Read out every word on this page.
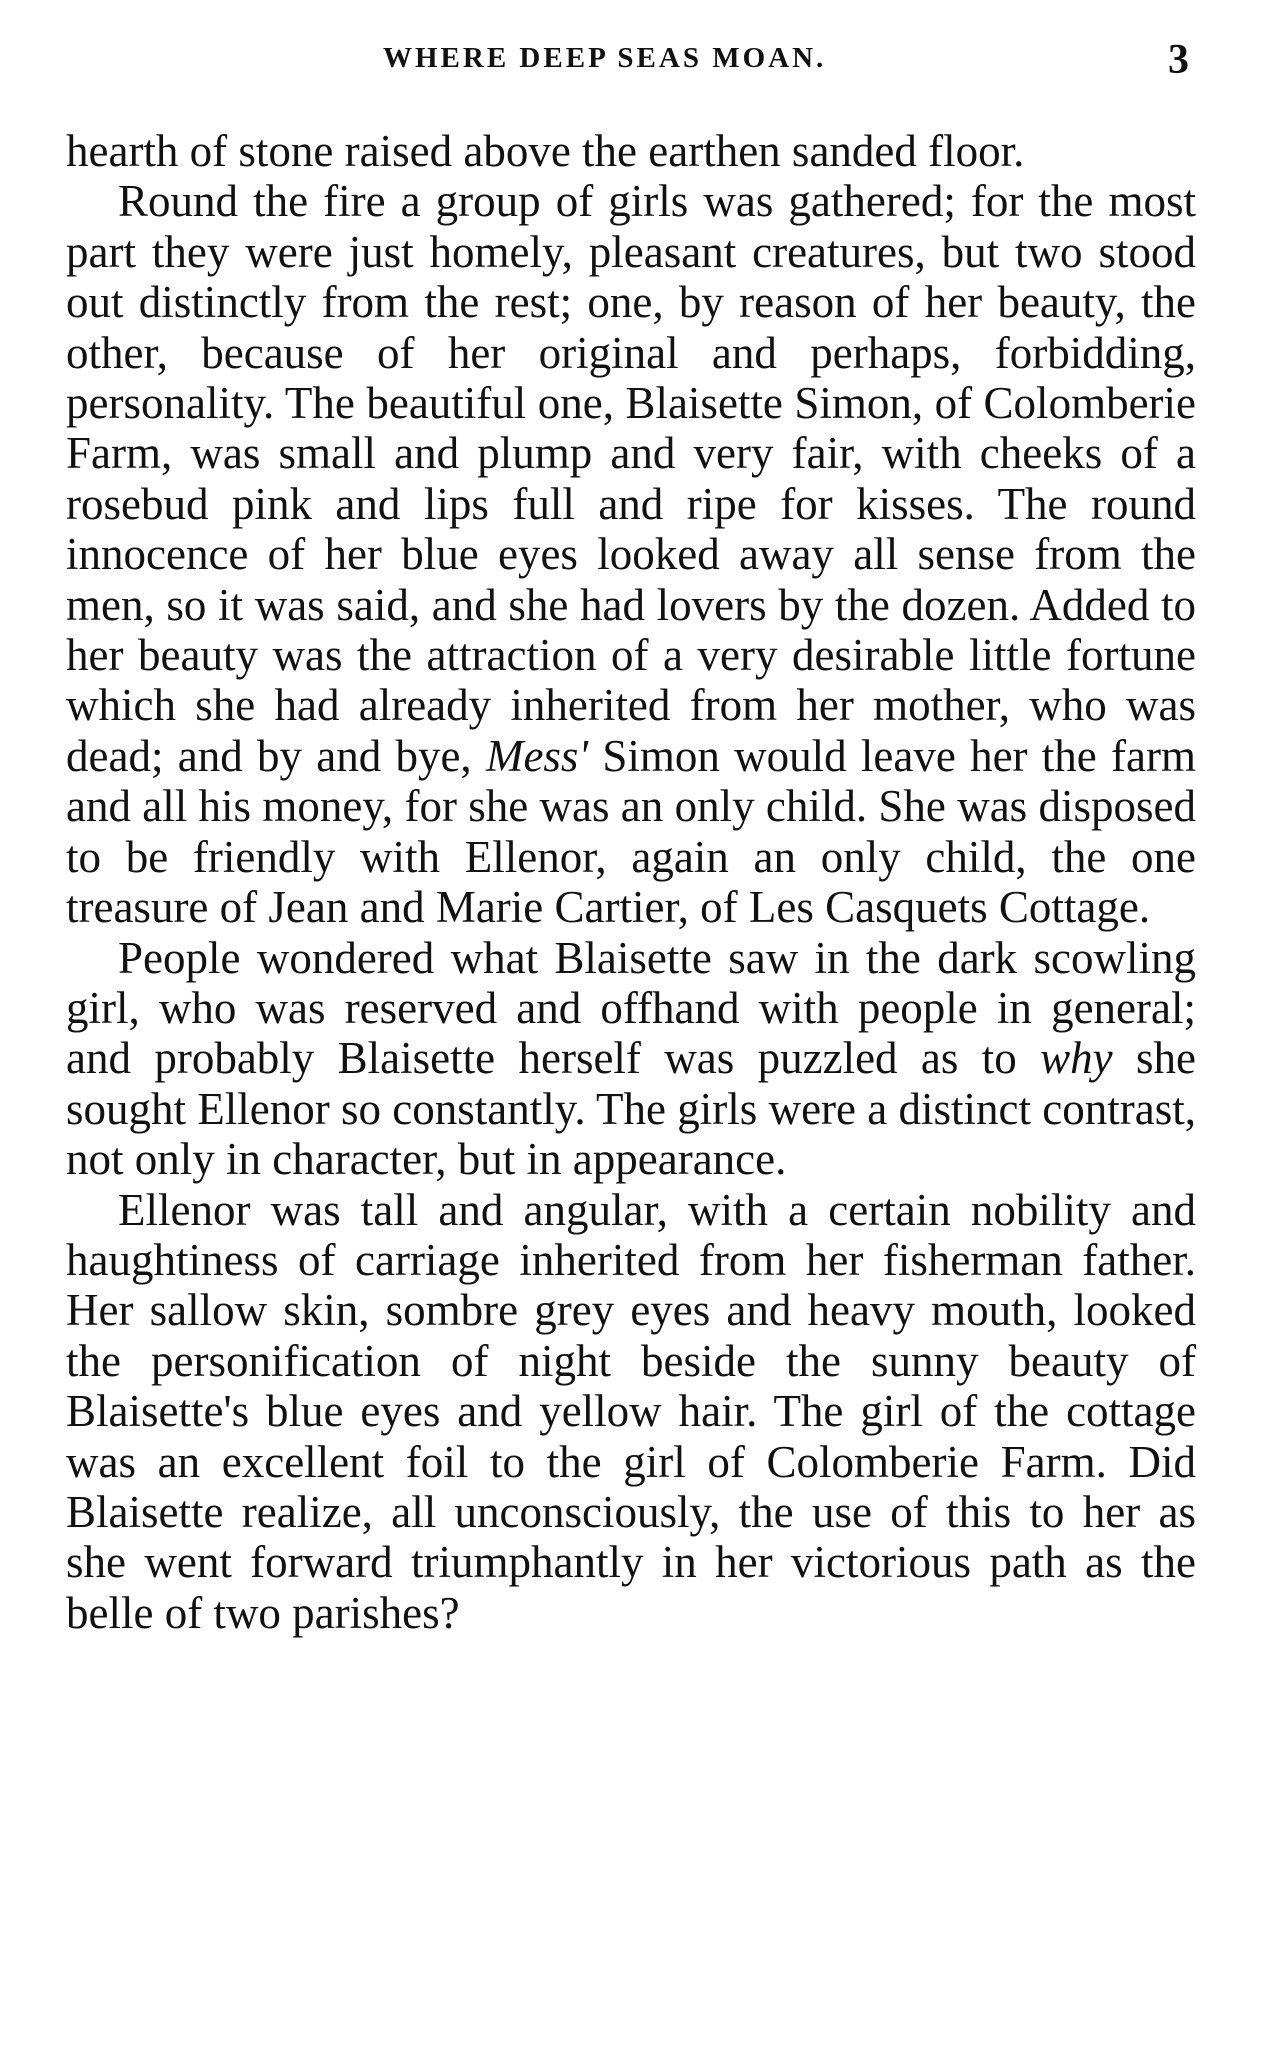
WHERE DEEP SEAS MOAN.	3

hearth of stone raised above the earthen sanded floor.

Round the fire a group of girls was gathered; for the most part they were just homely, pleasant creatures, but two stood out distinctly from the rest; one, by reason of her beauty, the other, because of her original and perhaps, forbidding, personality. The beautiful one, Blaisette Simon, of Colomberie Farm, was small and plump and very fair, with cheeks of a rosebud pink and lips full and ripe for kisses. The round innocence of her blue eyes looked away all sense from the men, so it was said, and she had lovers by the dozen. Added to her beauty was the attraction of a very desirable little fortune which she had already inherited from her mother, who was dead; and by and bye, Mess' Simon would leave her the farm and all his money, for she was an only child. She was disposed to be friendly with Ellenor, again an only child, the one treasure of Jean and Marie Cartier, of Les Casquets Cottage.

People wondered what Blaisette saw in the dark scowling girl, who was reserved and offhand with people in general; and probably Blaisette herself was puzzled as to why she sought Ellenor so constantly. The girls were a distinct contrast, not only in character, but in appearance.

Ellenor was tall and angular, with a certain nobility and haughtiness of carriage inherited from her fisherman father. Her sallow skin, sombre grey eyes and heavy mouth, looked the personification of night beside the sunny beauty of Blaisette's blue eyes and yellow hair. The girl of the cottage was an excellent foil to the girl of Colomberie Farm. Did Blaisette realize, all unconsciously, the use of this to her as she went forward triumphantly in her victorious path as the belle of two parishes?
